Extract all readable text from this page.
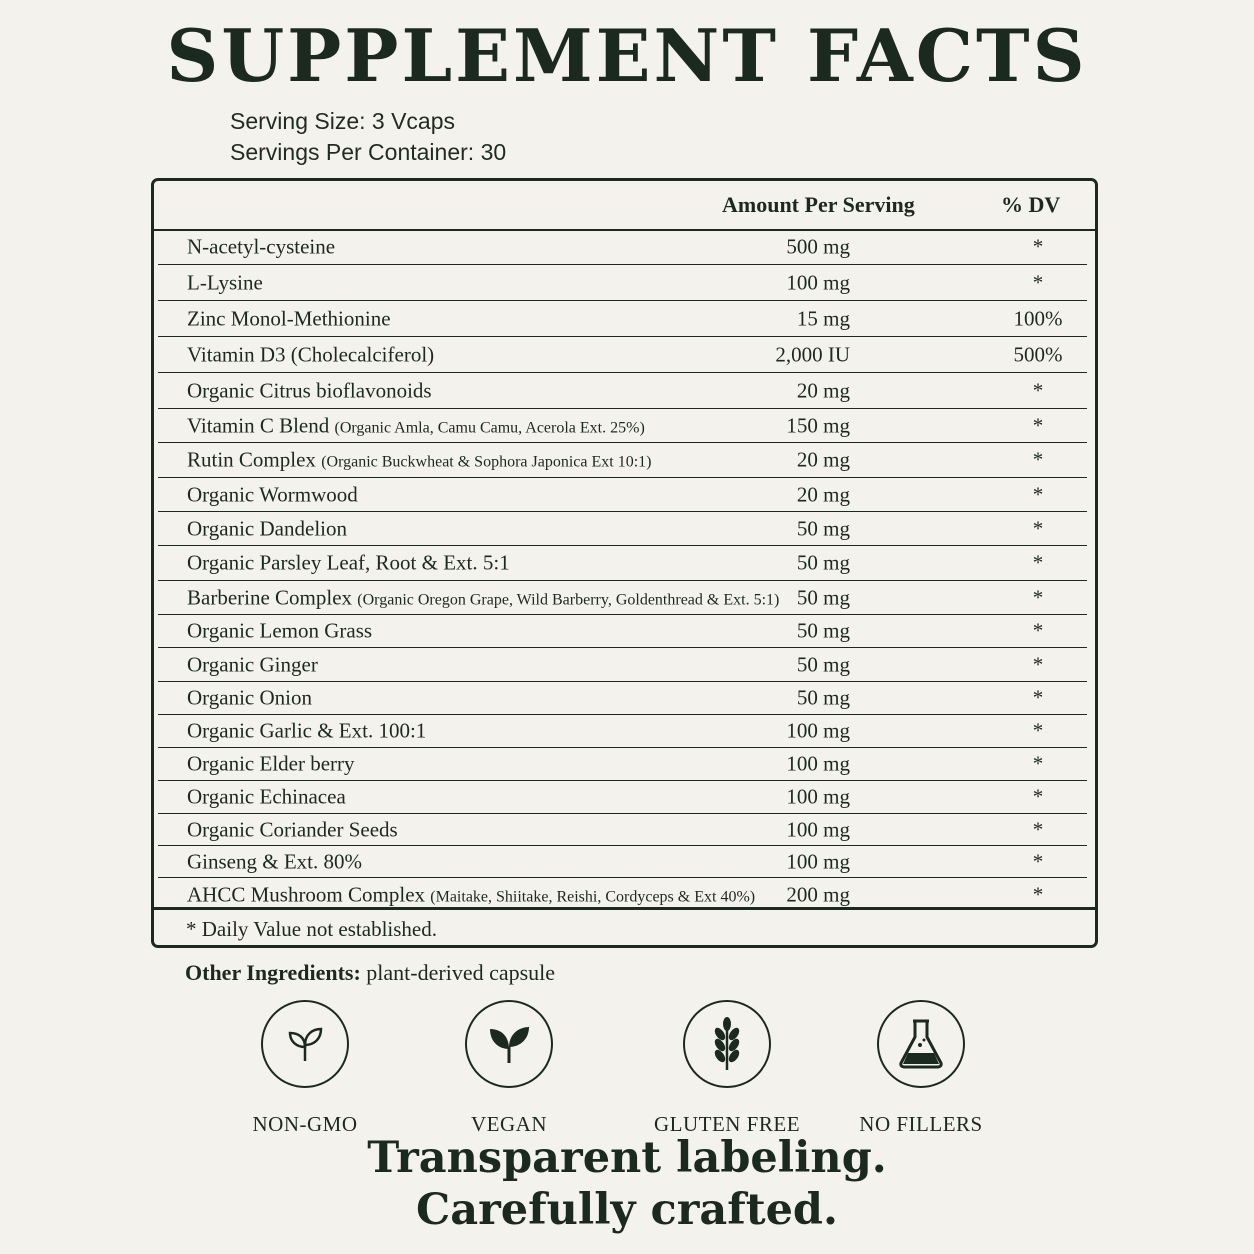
SUPPLEMENT FACTS
Serving Size: 3 Vcaps
Servings Per Container: 30
Amount Per Serving	% DV
N-acetyl-cysteine	500 mg	*
L-Lysine	100 mg	*
Zinc Monol-Methionine	15 mg	100%
Vitamin D3 (Cholecalciferol)	2,000 IU	500%
Organic Citrus bioflavonoids	20 mg	*
Vitamin C Blend (Organic Amla, Camu Camu, Acerola Ext. 25%)	150 mg	*
Rutin Complex (Organic Buckwheat & Sophora Japonica Ext 10:1)	20 mg	*
Organic Wormwood	20 mg	*
Organic Dandelion	50 mg	*
Organic Parsley Leaf, Root & Ext. 5:1	50 mg	*
Barberine Complex (Organic Oregon Grape, Wild Barberry, Goldenthread & Ext. 5:1) 50 mg	*
Organic Lemon Grass	50 mg	*
Organic Ginger	50 mg	*
Organic Onion	50 mg	*
Organic Garlic & Ext. 100:1	100 mg	*
Organic Elder berry	100 mg	*
Organic Echinacea	100 mg	*
Organic Coriander Seeds	100 mg	*
Ginseng & Ext. 80%	100 mg	*
AHCC Mushroom Complex (Maitake, Shiitake, Reishi, Cordyceps & Ext 40%) 200 mg	*
* Daily Value not established.
Other Ingredients: plant-derived capsule
NON-GMO	VEGAN	GLUTEN FREE	NO FILLERS
Transparent labeling.
Carefully crafted.
